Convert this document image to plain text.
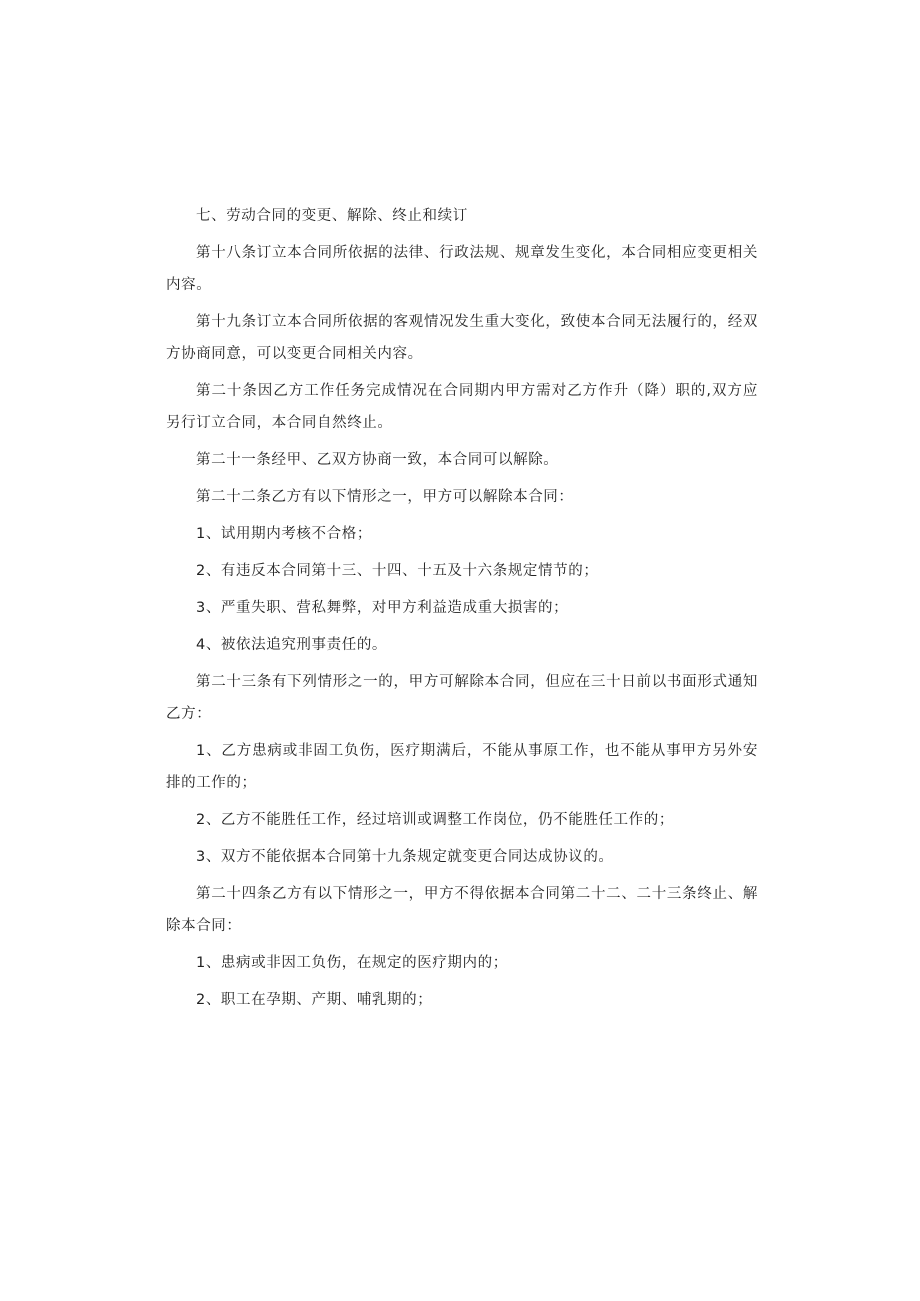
七、劳动合同的变更、解除、终止和续订

第十八条订立本合同所依据的法律、行政法规、规章发生变化，本合同相应变更相关内容。

第十九条订立本合同所依据的客观情况发生重大变化，致使本合同无法履行的，经双方协商同意，可以变更合同相关内容。

第二十条因乙方工作任务完成情况在合同期内甲方需对乙方作升（降）职的,双方应另行订立合同，本合同自然终止。

第二十一条经甲、乙双方协商一致，本合同可以解除。

第二十二条乙方有以下情形之一，甲方可以解除本合同：

1、试用期内考核不合格；

2、有违反本合同第十三、十四、十五及十六条规定情节的；

3、严重失职、营私舞弊，对甲方利益造成重大损害的；

4、被依法追究刑事责任的。

第二十三条有下列情形之一的，甲方可解除本合同，但应在三十日前以书面形式通知乙方：

1、乙方患病或非固工负伤，医疗期满后，不能从事原工作，也不能从事甲方另外安排的工作的；

2、乙方不能胜任工作，经过培训或调整工作岗位，仍不能胜任工作的；

3、双方不能依据本合同第十九条规定就变更合同达成协议的。

第二十四条乙方有以下情形之一，甲方不得依据本合同第二十二、二十三条终止、解除本合同：

1、患病或非因工负伤，在规定的医疗期内的；

2、职工在孕期、产期、哺乳期的；
